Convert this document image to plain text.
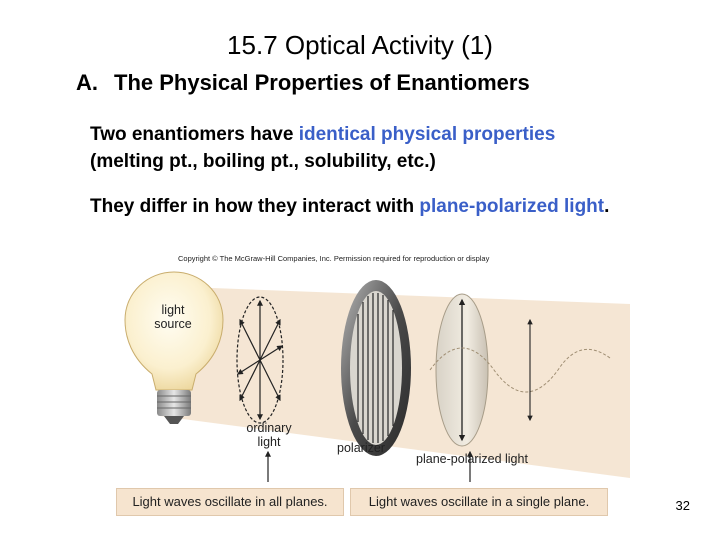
15.7 Optical Activity (1)
A. The Physical Properties of Enantiomers
Two enantiomers have identical physical properties
(melting pt., boiling pt., solubility, etc.)
They differ in how they interact with plane-polarized light.
Copyright © The McGraw-Hill Companies, Inc. Permission required for reproduction or display
light
source
ordinary
light	polarizer
plane-polarized light
Light waves oscillate in all planes.	Light waves oscillate in a single plane.	32
